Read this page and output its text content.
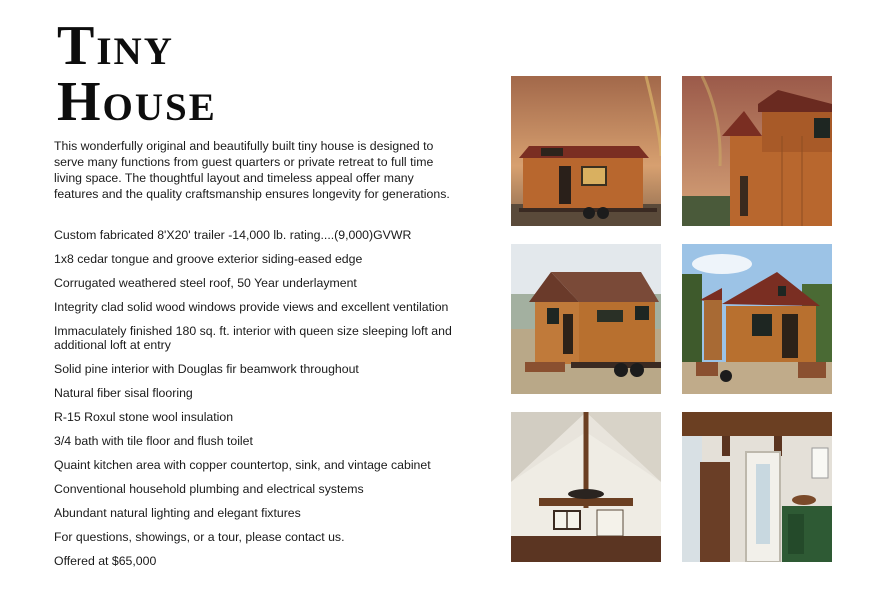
Tiny
House

This wonderfully original and beautifully built tiny house is designed to serve many functions from guest quarters or private retreat to full time living space. The thoughtful layout and timeless appeal offer many features and the quality craftsmanship ensures longevity for generations.

Custom fabricated 8'X20' trailer -14,000 lb. rating....(9,000)GVWR
1x8 cedar tongue and groove exterior siding-eased edge
Corrugated weathered steel roof, 50 Year underlayment
Integrity clad solid wood windows provide views and excellent ventilation
Immaculately finished 180 sq. ft. interior with queen size sleeping loft and additional loft at entry
Solid pine interior with Douglas fir beamwork throughout
Natural fiber sisal flooring
R-15 Roxul stone wool insulation
3/4 bath with tile floor and flush toilet
Quaint kitchen area with copper countertop, sink, and vintage cabinet
Conventional household plumbing and electrical systems
Abundant natural lighting and elegant fixtures
For questions, showings, or a tour, please contact us.
Offered at $65,000
